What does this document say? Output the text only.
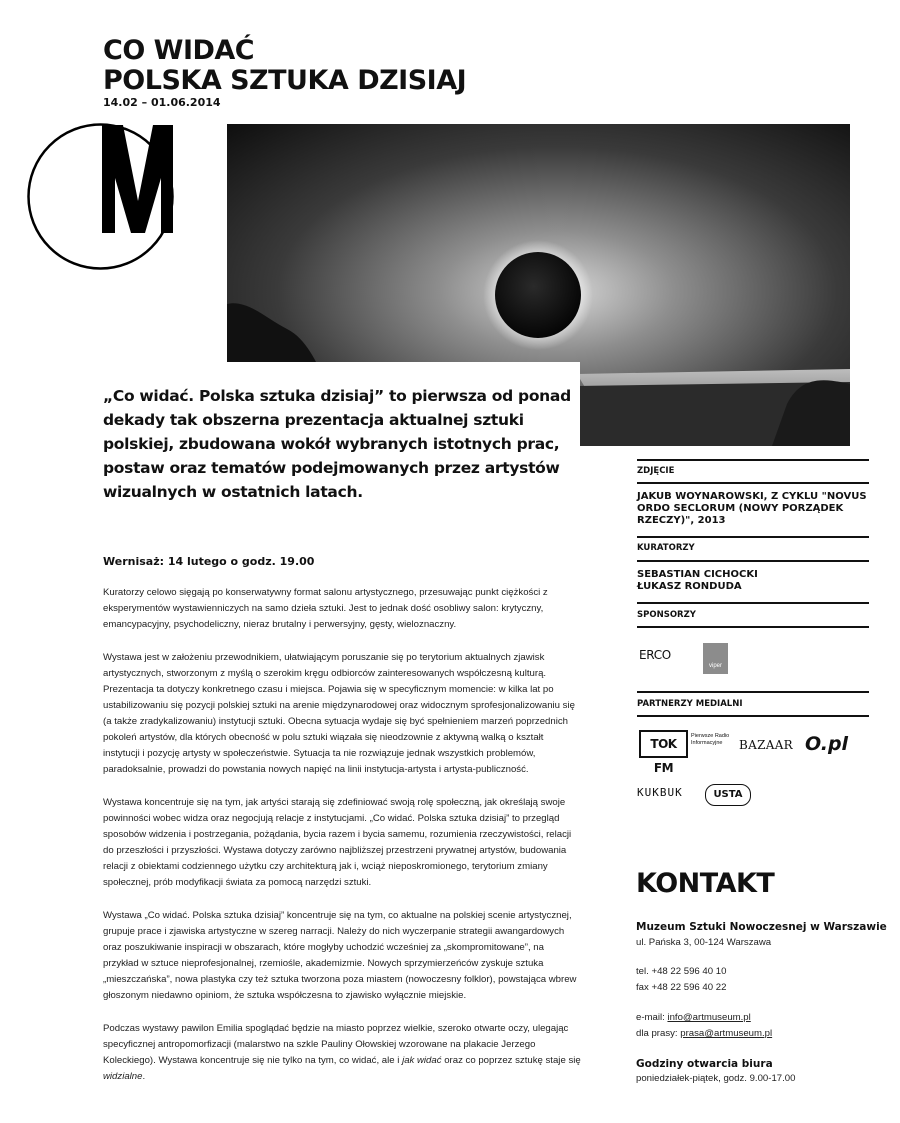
CO WIDAĆ
POLSKA SZTUKA DZISIAJ
14.02 – 01.06.2014

„Co widać. Polska sztuka dzisiaj” to pierwsza od ponad dekady tak obszerna prezentacja aktualnej sztuki polskiej, zbudowana wokół wybranych istotnych prac, postaw oraz tematów podejmowanych przez artystów wizualnych w ostatnich latach.

Wernisaż: 14 lutego o godz. 19.00

Kuratorzy celowo sięgają po konserwatywny format salonu artystycznego, przesuwając punkt ciężkości z eksperymentów wystawienniczych na samo dzieła sztuki. Jest to jednak dość osobliwy salon: krytyczny, emancypacyjny, psychodeliczny, nieraz brutalny i perwersyjny, gęsty, wieloznaczny.

Wystawa jest w założeniu przewodnikiem, ułatwiającym poruszanie się po terytorium aktualnych zjawisk artystycznych, stworzonym z myślą o szerokim kręgu odbiorców zainteresowanych współczesną kulturą. Prezentacja ta dotyczy konkretnego czasu i miejsca. Pojawia się w specyficznym momencie: w kilka lat po ustabilizowaniu się pozycji polskiej sztuki na arenie międzynarodowej oraz widocznym sprofesjonalizowaniu się (a także zradykalizowaniu) instytucji sztuki. Obecna sytuacja wydaje się być spełnieniem marzeń poprzednich pokoleń artystów, dla których obecność w polu sztuki wiązała się nieodzownie z aktywną walką o kształt instytucji i pozycję artysty w społeczeństwie. Sytuacja ta nie rozwiązuje jednak wszystkich problemów, paradoksalnie, prowadzi do powstania nowych napięć na linii instytucja-artysta i artysta-publiczność.

Wystawa koncentruje się na tym, jak artyści starają się zdefiniować swoją rolę społeczną, jak określają swoje powinności wobec widza oraz negocjują relacje z instytucjami. „Co widać. Polska sztuka dzisiaj” to przegląd sposobów widzenia i postrzegania, pożądania, bycia razem i bycia samemu, rozumienia rzeczywistości, relacji do przeszłości i przyszłości. Wystawa dotyczy zarówno najbliższej przestrzeni prywatnej artystów, budowania relacji z obiektami codziennego użytku czy architekturą jak i, wciąż nieposkromionego, terytorium zmiany społecznej, prób modyfikacji świata za pomocą narzędzi sztuki.

Wystawa „Co widać. Polska sztuka dzisiaj” koncentruje się na tym, co aktualne na polskiej scenie artystycznej, grupuje prace i zjawiska artystyczne w szereg narracji. Należy do nich wyczerpanie strategii awangardowych oraz poszukiwanie inspiracji w obszarach, które mogłyby uchodzić wcześniej za „skompromitowane”, na przykład w sztuce nieprofesjonalnej, rzemiośle, akademizmie. Nowych sprzymierzeńców zyskuje sztuka „mieszczańska”, nowa plastyka czy też sztuka tworzona poza miastem (nowoczesny folklor), powstająca wbrew głoszonym niedawno opiniom, że sztuka współczesna to zjawisko wyłącznie miejskie.

Podczas wystawy pawilon Emilia spoglądać będzie na miasto poprzez wielkie, szeroko otwarte oczy, ulegając specyficznej antropomorfizacji (malarstwo na szkle Pauliny Ołowskiej wzorowane na plakacie Jerzego Koleckiego). Wystawa koncentruje się nie tylko na tym, co widać, ale i jak widać oraz co poprzez sztukę staje się widzialne.

ZDJĘCIE
JAKUB WOYNAROWSKI, Z CYKLU "NOVUS ORDO SECLORUM (NOWY PORZĄDEK RZECZY)", 2013
KURATORZY
SEBASTIAN CICHOCKI
ŁUKASZ RONDUDA
SPONSORZY
ERCO
viper
PARTNERZY MEDIALNI
TOK FM
Pierwsze Radio Informacyjne	BAZAAR O.pl
KUKBUK	USTA
KONTAKT
Muzeum Sztuki Nowoczesnej w Warszawie
ul. Pańska 3, 00-124 Warszawa
tel. +48 22 596 40 10
fax +48 22 596 40 22
e-mail: info@artmuseum.pl
dla prasy: prasa@artmuseum.pl
Godziny otwarcia biura
poniedziałek-piątek, godz. 9.00-17.00
